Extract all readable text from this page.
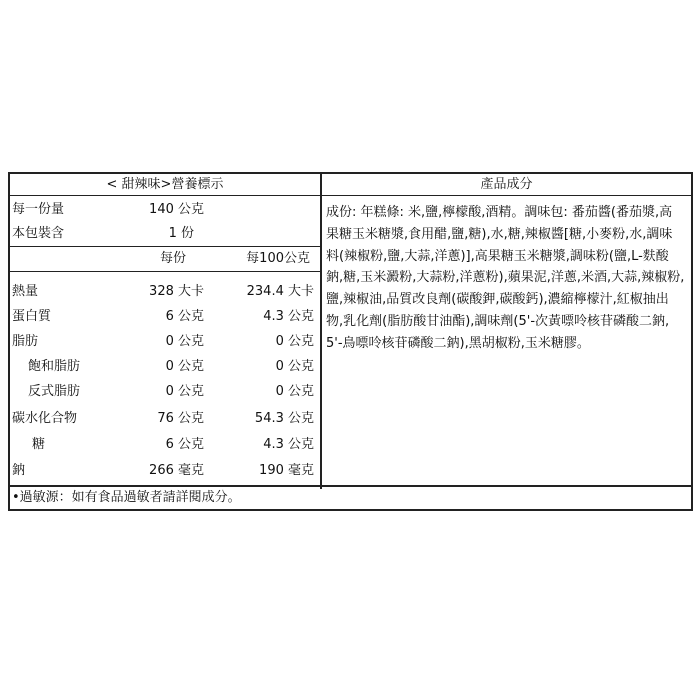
< 甜辣味>營養標示
每一份量	140 公克
本包裝含	1 份
每份	每100公克
熱量	328 大卡	234.4 大卡
蛋白質	6 公克	4.3 公克
脂肪	0 公克	0 公克
飽和脂肪	0 公克	0 公克
反式脂肪	0 公克	0 公克
碳水化合物	76 公克	54.3 公克
糖	6 公克	4.3 公克
鈉	266 毫克	190 毫克
產品成分
成份: 年糕條: 米,鹽,檸檬酸,酒精。調味包: 番茄醬(番茄漿,高果糖玉米糖漿,食用醋,鹽,糖),水,糖,辣椒醬[糖,小麥粉,水,調味料(辣椒粉,鹽,大蒜,洋蔥)],高果糖玉米糖漿,調味粉(鹽,L-麩酸鈉,糖,玉米澱粉,大蒜粉,洋蔥粉),蘋果泥,洋蔥,米酒,大蒜,辣椒粉,鹽,辣椒油,品質改良劑(碳酸鉀,碳酸鈣),濃縮檸檬汁,紅椒抽出物,乳化劑(脂肪酸甘油酯),調味劑(5'-次黃嘌呤核苷磷酸二鈉,5'-鳥嘌呤核苷磷酸二鈉),黑胡椒粉,玉米糖膠。
•過敏源：如有食品過敏者請詳閱成分。
